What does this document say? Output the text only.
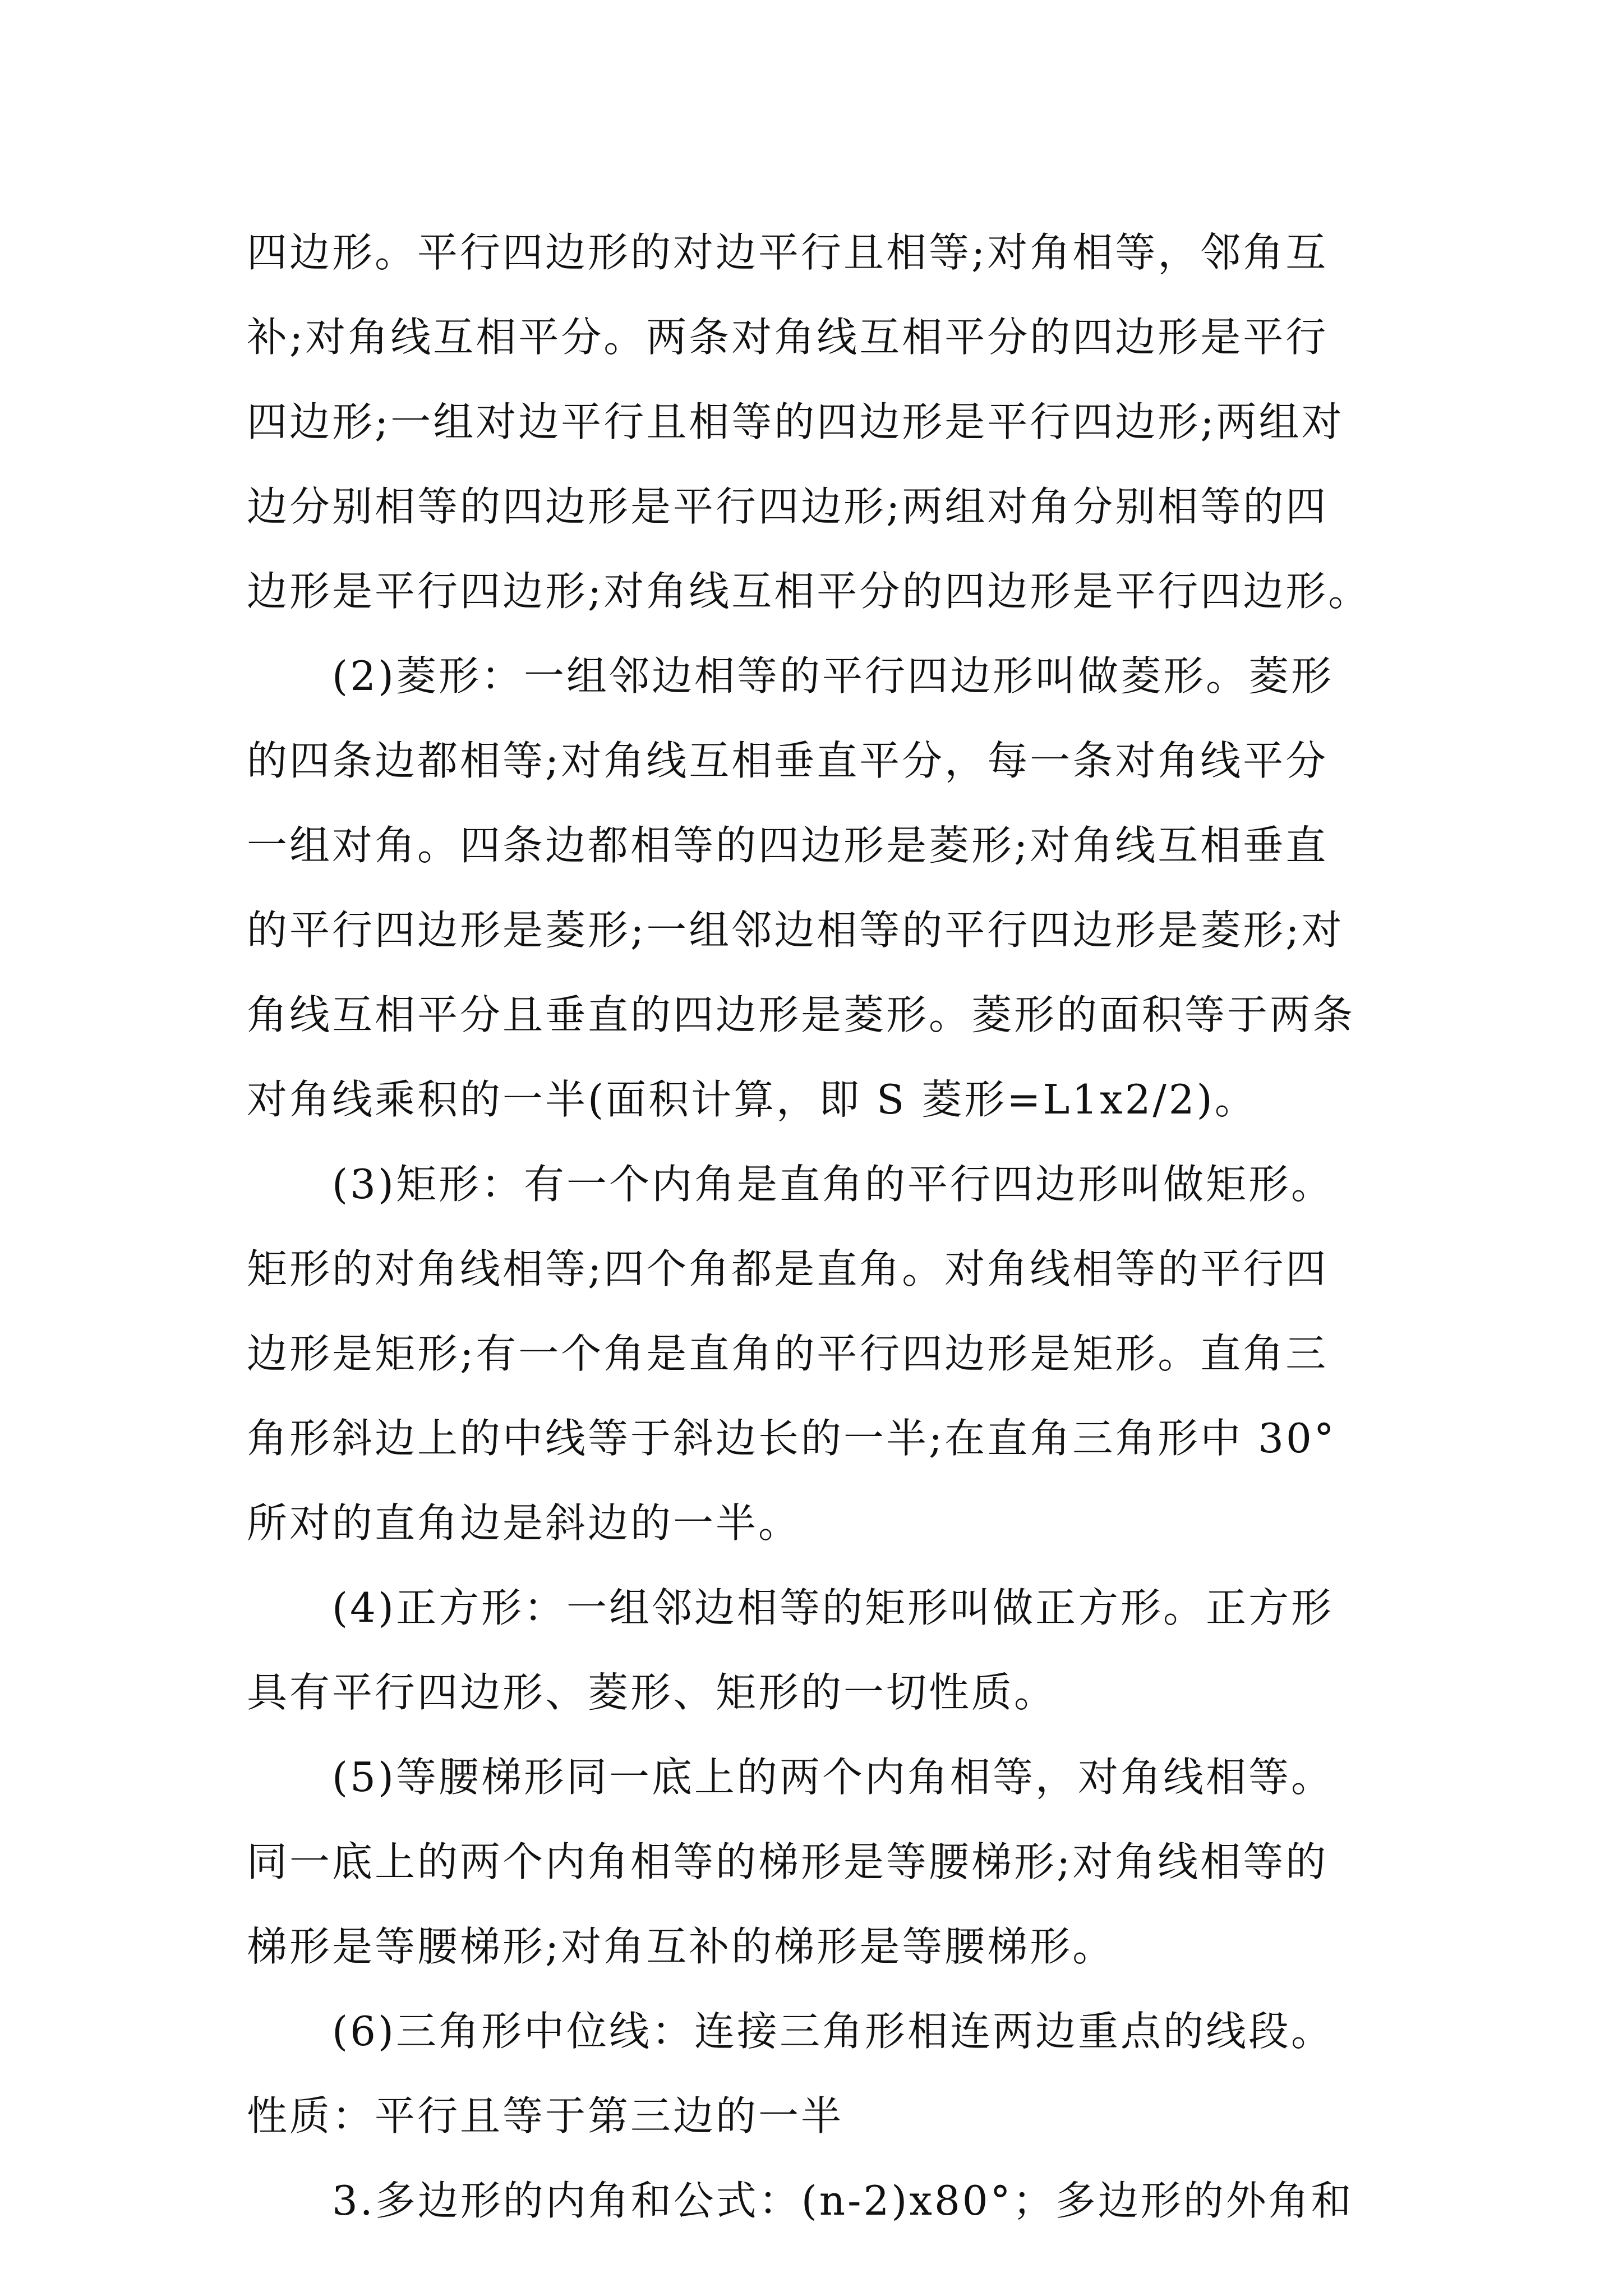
四边形。平行四边形的对边平行且相等;对角相等，邻角互
补;对角线互相平分。两条对角线互相平分的四边形是平行
四边形;一组对边平行且相等的四边形是平行四边形;两组对
边分别相等的四边形是平行四边形;两组对角分别相等的四
边形是平行四边形;对角线互相平分的四边形是平行四边形。

(2)菱形：一组邻边相等的平行四边形叫做菱形。菱形
的四条边都相等;对角线互相垂直平分，每一条对角线平分
一组对角。四条边都相等的四边形是菱形;对角线互相垂直
的平行四边形是菱形;一组邻边相等的平行四边形是菱形;对
角线互相平分且垂直的四边形是菱形。菱形的面积等于两条
对角线乘积的一半(面积计算，即 S 菱形=L1x2/2)。

(3)矩形：有一个内角是直角的平行四边形叫做矩形。
矩形的对角线相等;四个角都是直角。对角线相等的平行四
边形是矩形;有一个角是直角的平行四边形是矩形。直角三
角形斜边上的中线等于斜边长的一半;在直角三角形中 30°
所对的直角边是斜边的一半。

(4)正方形：一组邻边相等的矩形叫做正方形。正方形
具有平行四边形、菱形、矩形的一切性质。

(5)等腰梯形同一底上的两个内角相等，对角线相等。
同一底上的两个内角相等的梯形是等腰梯形;对角线相等的
梯形是等腰梯形;对角互补的梯形是等腰梯形。

(6)三角形中位线：连接三角形相连两边重点的线段。
性质：平行且等于第三边的一半

3.多边形的内角和公式：(n-2)x80°；多边形的外角和
